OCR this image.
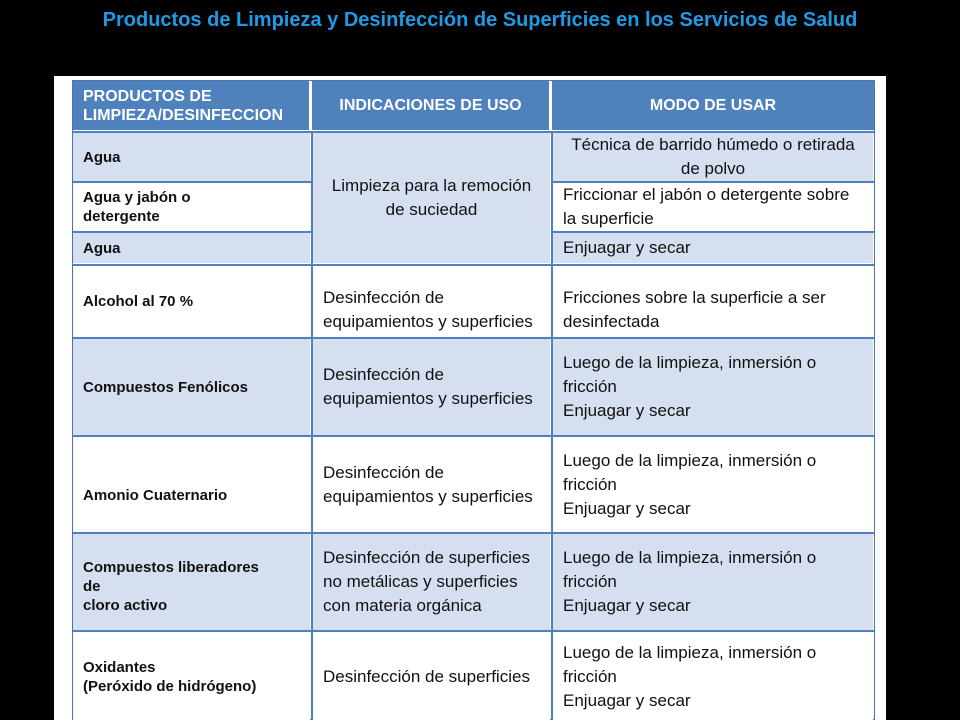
Productos de Limpieza y Desinfección de Superficies en los Servicios de Salud
PRODUCTOS DE LIMPIEZA/DESINFECCION
INDICACIONES DE USO	MODO DE USAR
Agua
Agua y jabón o detergente
Agua
Alcohol al 70 %
Compuestos Fenólicos
Amonio Cuaternario
Compuestos liberadores de
cloro activo
Oxidantes
(Peróxido de hidrógeno)
Limpieza para la remoción de suciedad
Desinfección de equipamientos y superficies
Desinfección de equipamientos y superficies
Desinfección de equipamientos y superficies
Desinfección de superficies no metálicas y superficies con materia orgánica
Desinfección de superficies
Técnica de barrido húmedo o retirada de polvo
Friccionar el jabón o detergente sobre la superficie
Enjuagar y secar
Fricciones sobre la superficie a ser desinfectada
Luego de la limpieza, inmersión o fricción
Enjuagar y secar
Luego de la limpieza, inmersión o fricción
Enjuagar y secar
Luego de la limpieza, inmersión o fricción
Enjuagar y secar
Luego de la limpieza, inmersión o fricción
Enjuagar y secar
